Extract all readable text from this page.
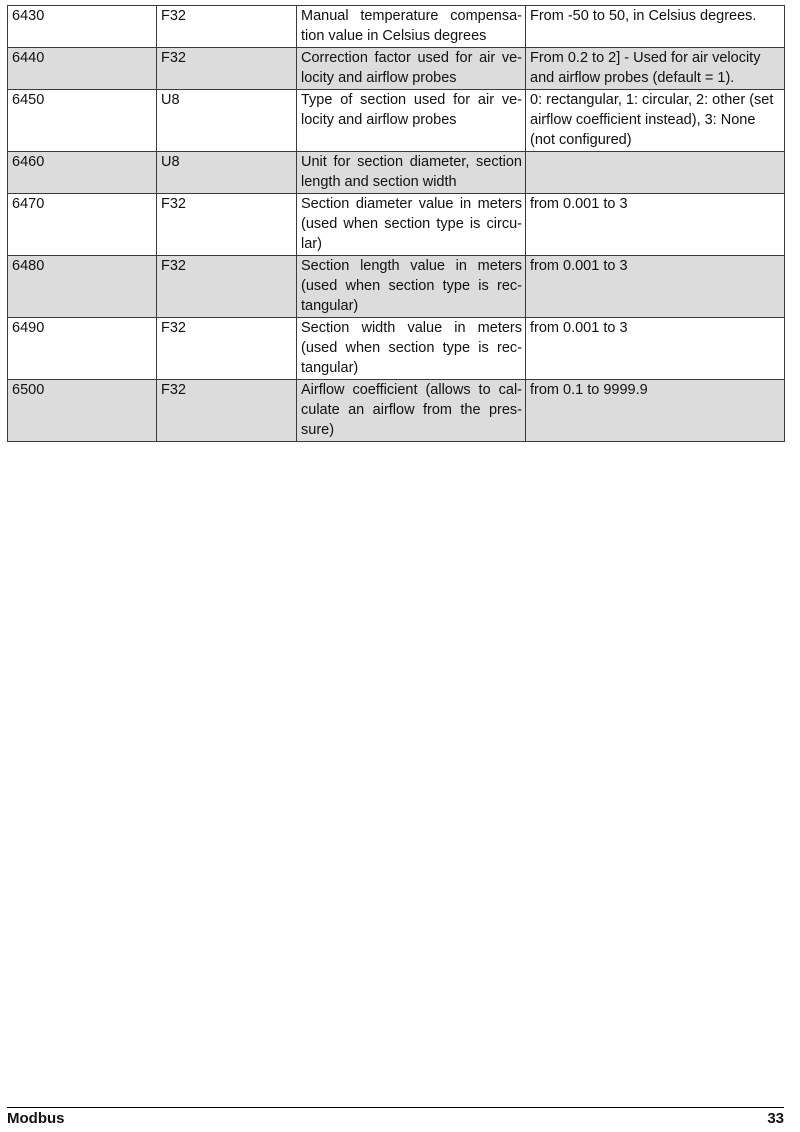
6430	F32	Manual temperature compensa-tion value in Celsius degrees	From -50 to 50, in Celsius degrees.
6440	F32	Correction factor used for air ve-locity and airflow probes	From 0.2 to 2] - Used for air velocity and airflow probes (default = 1).
6450	U8	Type of section used for air ve-locity and airflow probes	0: rectangular, 1: circular, 2: other (set airflow coefficient instead), 3: None (not configured)
6460	U8	Unit for section diameter, section length and section width	
6470	F32	Section diameter value in meters (used when section type is circu-lar)	from 0.001 to 3
6480	F32	Section length value in meters (used when section type is rec-tangular)	from 0.001 to 3
6490	F32	Section width value in meters (used when section type is rec-tangular)	from 0.001 to 3
6500	F32	Airflow coefficient (allows to cal-culate an airflow from the pres-sure)	from 0.1 to 9999.9
Modbus	33
